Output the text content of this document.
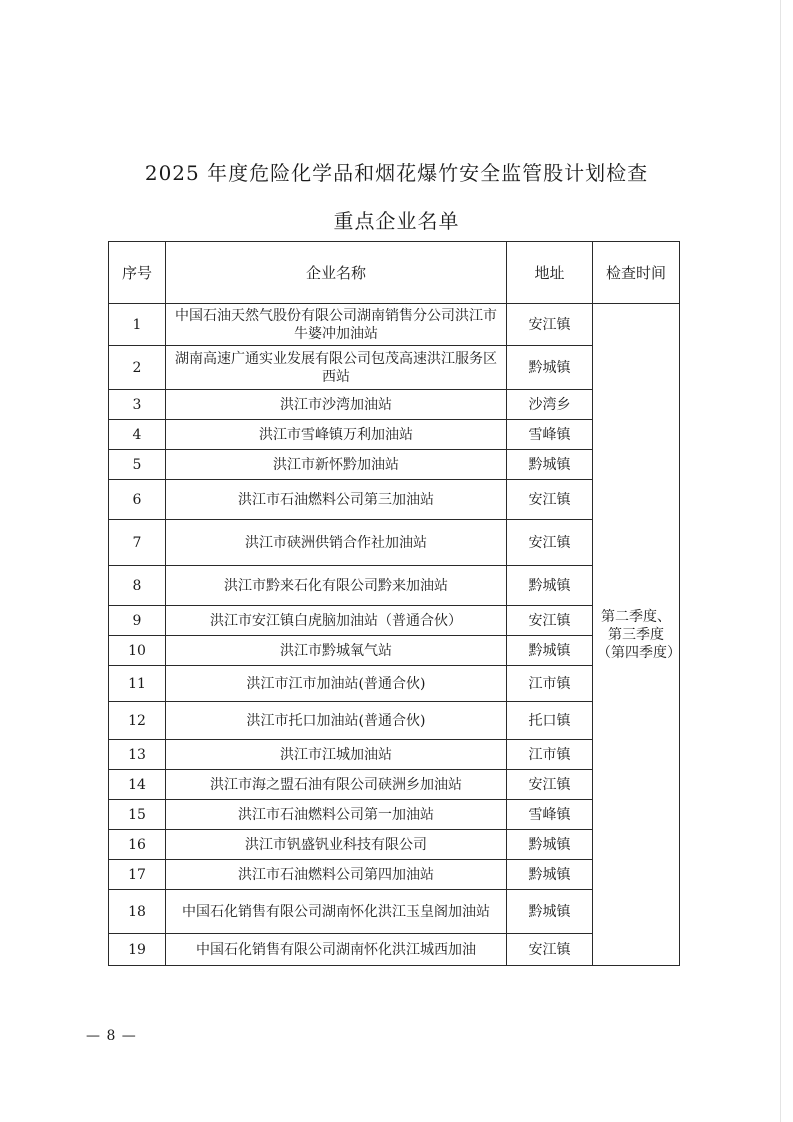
2025 年度危险化学品和烟花爆竹安全监管股计划检查
重点企业名单
序号	企业名称	地址	检查时间
1	中国石油天然气股份有限公司湖南销售分公司洪江市牛婆冲加油站	安江镇	第二季度、第三季度（第四季度）
2	湖南高速广通实业发展有限公司包茂高速洪江服务区西站	黔城镇	
3	洪江市沙湾加油站	沙湾乡	
4	洪江市雪峰镇万利加油站	雪峰镇	
5	洪江市新怀黔加油站	黔城镇	
6	洪江市石油燃料公司第三加油站	安江镇	
7	洪江市硖洲供销合作社加油站	安江镇	
8	洪江市黔来石化有限公司黔来加油站	黔城镇	
9	洪江市安江镇白虎脑加油站（普通合伙）	安江镇	
10	洪江市黔城氧气站	黔城镇	
11	洪江市江市加油站(普通合伙)	江市镇	
12	洪江市托口加油站(普通合伙)	托口镇	
13	洪江市江城加油站	江市镇	
14	洪江市海之盟石油有限公司硖洲乡加油站	安江镇	
15	洪江市石油燃料公司第一加油站	雪峰镇	
16	洪江市钒盛钒业科技有限公司	黔城镇	
17	洪江市石油燃料公司第四加油站	黔城镇	
18	中国石化销售有限公司湖南怀化洪江玉皇阁加油站	黔城镇	
19	中国石化销售有限公司湖南怀化洪江城西加油	安江镇	
— 8 —
